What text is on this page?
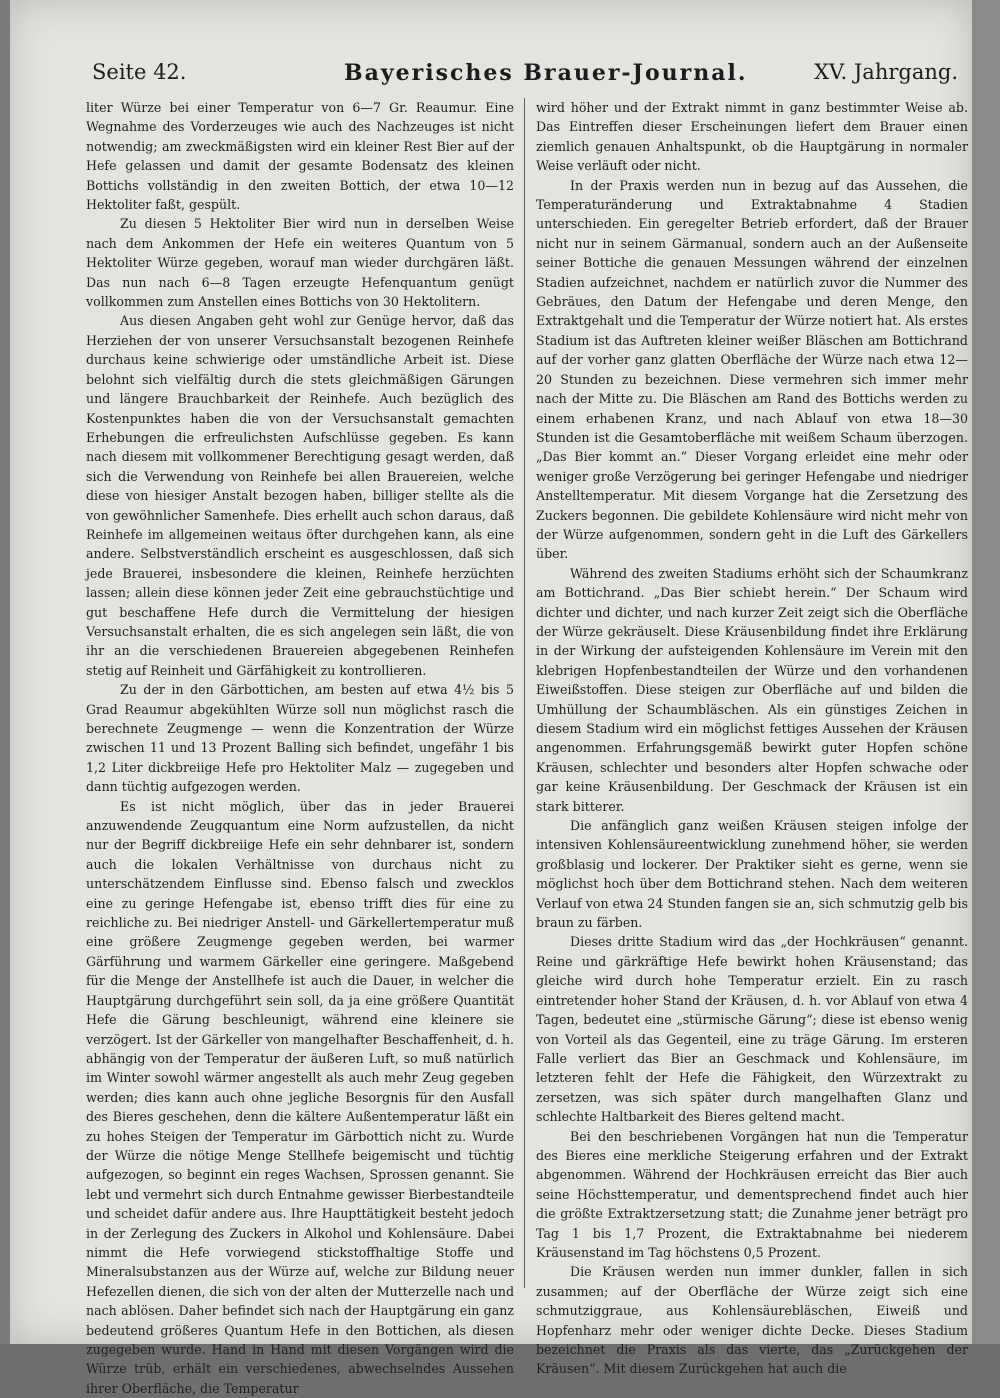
Seite 42.	Bayerisches Brauer-Journal.	XV. Jahrgang.

liter Würze bei einer Temperatur von 6—7 Gr. Reaumur. Eine Wegnahme des Vorderzeuges wie auch des Nachzeuges ist nicht notwendig; am zweckmäßigsten wird ein kleiner Rest Bier auf der Hefe gelassen und damit der gesamte Bodensatz des kleinen Bottichs vollständig in den zweiten Bottich, der etwa 10—12 Hektoliter faßt, gespült.

Zu diesen 5 Hektoliter Bier wird nun in derselben Weise nach dem Ankommen der Hefe ein weiteres Quantum von 5 Hektoliter Würze gegeben, worauf man wieder durchgären läßt. Das nun nach 6—8 Tagen erzeugte Hefenquantum genügt vollkommen zum Anstellen eines Bottichs von 30 Hektolitern.

Aus diesen Angaben geht wohl zur Genüge hervor, daß das Herziehen der von unserer Versuchsanstalt bezogenen Reinhefe durchaus keine schwierige oder umständliche Arbeit ist. Diese belohnt sich vielfältig durch die stets gleichmäßigen Gärungen und längere Brauchbarkeit der Reinhefe. Auch bezüglich des Kostenpunktes haben die von der Versuchsanstalt gemachten Erhebungen die erfreulichsten Aufschlüsse gegeben. Es kann nach diesem mit vollkommener Berechtigung gesagt werden, daß sich die Verwendung von Reinhefe bei allen Brauereien, welche diese von hiesiger Anstalt bezogen haben, billiger stellte als die von gewöhnlicher Samenhefe. Dies erhellt auch schon daraus, daß Reinhefe im allgemeinen weitaus öfter durchgehen kann, als eine andere. Selbstverständlich erscheint es ausgeschlossen, daß sich jede Brauerei, insbesondere die kleinen, Reinhefe herzüchten lassen; allein diese können jeder Zeit eine gebrauchstüchtige und gut beschaffene Hefe durch die Vermittelung der hiesigen Versuchsanstalt erhalten, die es sich angelegen sein läßt, die von ihr an die verschiedenen Brauereien abgegebenen Reinhefen stetig auf Reinheit und Gärfähigkeit zu kontrollieren.

Zu der in den Gärbottichen, am besten auf etwa 4½ bis 5 Grad Reaumur abgekühlten Würze soll nun möglichst rasch die berechnete Zeugmenge — wenn die Konzentration der Würze zwischen 11 und 13 Prozent Balling sich befindet, ungefähr 1 bis 1,2 Liter dickbreiige Hefe pro Hektoliter Malz — zugegeben und dann tüchtig aufgezogen werden.

Es ist nicht möglich, über das in jeder Brauerei anzuwendende Zeugquantum eine Norm aufzustellen, da nicht nur der Begriff dickbreiige Hefe ein sehr dehnbarer ist, sondern auch die lokalen Verhältnisse von durchaus nicht zu unterschätzendem Einflusse sind. Ebenso falsch und zwecklos eine zu geringe Hefengabe ist, ebenso trifft dies für eine zu reichliche zu. Bei niedriger Anstell- und Gärkellertemperatur muß eine größere Zeugmenge gegeben werden, bei warmer Gärführung und warmem Gärkeller eine geringere. Maßgebend für die Menge der Anstellhefe ist auch die Dauer, in welcher die Hauptgärung durchgeführt sein soll, da ja eine größere Quantität Hefe die Gärung beschleunigt, während eine kleinere sie verzögert. Ist der Gärkeller von mangelhafter Beschaffenheit, d. h. abhängig von der Temperatur der äußeren Luft, so muß natürlich im Winter sowohl wärmer angestellt als auch mehr Zeug gegeben werden; dies kann auch ohne jegliche Besorgnis für den Ausfall des Bieres geschehen, denn die kältere Außentemperatur läßt ein zu hohes Steigen der Temperatur im Gärbottich nicht zu. Wurde der Würze die nötige Menge Stellhefe beigemischt und tüchtig aufgezogen, so beginnt ein reges Wachsen, Sprossen genannt. Sie lebt und vermehrt sich durch Entnahme gewisser Bierbestandteile und scheidet dafür andere aus. Ihre Haupttätigkeit besteht jedoch in der Zerlegung des Zuckers in Alkohol und Kohlensäure. Dabei nimmt die Hefe vorwiegend stickstoffhaltige Stoffe und Mineralsubstanzen aus der Würze auf, welche zur Bildung neuer Hefezellen dienen, die sich von der alten der Mutterzelle nach und nach ablösen. Daher befindet sich nach der Hauptgärung ein ganz bedeutend größeres Quantum Hefe in den Bottichen, als diesen zugegeben wurde. Hand in Hand mit diesen Vorgängen wird die Würze trüb, erhält ein verschiedenes, abwechselndes Aussehen ihrer Oberfläche, die Temperatur

wird höher und der Extrakt nimmt in ganz bestimmter Weise ab. Das Eintreffen dieser Erscheinungen liefert dem Brauer einen ziemlich genauen Anhaltspunkt, ob die Hauptgärung in normaler Weise verläuft oder nicht.

In der Praxis werden nun in bezug auf das Aussehen, die Temperaturänderung und Extraktabnahme 4 Stadien unterschieden. Ein geregelter Betrieb erfordert, daß der Brauer nicht nur in seinem Gärmanual, sondern auch an der Außenseite seiner Bottiche die genauen Messungen während der einzelnen Stadien aufzeichnet, nachdem er natürlich zuvor die Nummer des Gebräues, den Datum der Hefengabe und deren Menge, den Extraktgehalt und die Temperatur der Würze notiert hat. Als erstes Stadium ist das Auftreten kleiner weißer Bläschen am Bottichrand auf der vorher ganz glatten Oberfläche der Würze nach etwa 12—20 Stunden zu bezeichnen. Diese vermehren sich immer mehr nach der Mitte zu. Die Bläschen am Rand des Bottichs werden zu einem erhabenen Kranz, und nach Ablauf von etwa 18—30 Stunden ist die Gesamtoberfläche mit weißem Schaum überzogen. „Das Bier kommt an.“ Dieser Vorgang erleidet eine mehr oder weniger große Verzögerung bei geringer Hefengabe und niedriger Anstelltemperatur. Mit diesem Vorgange hat die Zersetzung des Zuckers begonnen. Die gebildete Kohlensäure wird nicht mehr von der Würze aufgenommen, sondern geht in die Luft des Gärkellers über.

Während des zweiten Stadiums erhöht sich der Schaumkranz am Bottichrand. „Das Bier schiebt herein.“ Der Schaum wird dichter und dichter, und nach kurzer Zeit zeigt sich die Oberfläche der Würze gekräuselt. Diese Kräusenbildung findet ihre Erklärung in der Wirkung der aufsteigenden Kohlensäure im Verein mit den klebrigen Hopfenbestandteilen der Würze und den vorhandenen Eiweißstoffen. Diese steigen zur Oberfläche auf und bilden die Umhüllung der Schaumbläschen. Als ein günstiges Zeichen in diesem Stadium wird ein möglichst fettiges Aussehen der Kräusen angenommen. Erfahrungsgemäß bewirkt guter Hopfen schöne Kräusen, schlechter und besonders alter Hopfen schwache oder gar keine Kräusenbildung. Der Geschmack der Kräusen ist ein stark bitterer.

Die anfänglich ganz weißen Kräusen steigen infolge der intensiven Kohlensäureentwicklung zunehmend höher, sie werden großblasig und lockerer. Der Praktiker sieht es gerne, wenn sie möglichst hoch über dem Bottichrand stehen. Nach dem weiteren Verlauf von etwa 24 Stunden fangen sie an, sich schmutzig gelb bis braun zu färben.

Dieses dritte Stadium wird das „der Hochkräusen“ genannt. Reine und gärkräftige Hefe bewirkt hohen Kräusenstand; das gleiche wird durch hohe Temperatur erzielt. Ein zu rasch eintretender hoher Stand der Kräusen, d. h. vor Ablauf von etwa 4 Tagen, bedeutet eine „stürmische Gärung“; diese ist ebenso wenig von Vorteil als das Gegenteil, eine zu träge Gärung. Im ersteren Falle verliert das Bier an Geschmack und Kohlensäure, im letzteren fehlt der Hefe die Fähigkeit, den Würzextrakt zu zersetzen, was sich später durch mangelhaften Glanz und schlechte Haltbarkeit des Bieres geltend macht.

Bei den beschriebenen Vorgängen hat nun die Temperatur des Bieres eine merkliche Steigerung erfahren und der Extrakt abgenommen. Während der Hochkräusen erreicht das Bier auch seine Höchsttemperatur, und dementsprechend findet auch hier die größte Extraktzersetzung statt; die Zunahme jener beträgt pro Tag 1 bis 1,7 Prozent, die Extraktabnahme bei niederem Kräusenstand im Tag höchstens 0,5 Prozent.

Die Kräusen werden nun immer dunkler, fallen in sich zusammen; auf der Oberfläche der Würze zeigt sich eine schmutziggraue, aus Kohlensäurebläschen, Eiweiß und Hopfenharz mehr oder weniger dichte Decke. Dieses Stadium bezeichnet die Praxis als das vierte, das „Zurückgehen der Kräusen“. Mit diesem Zurückgehen hat auch die
